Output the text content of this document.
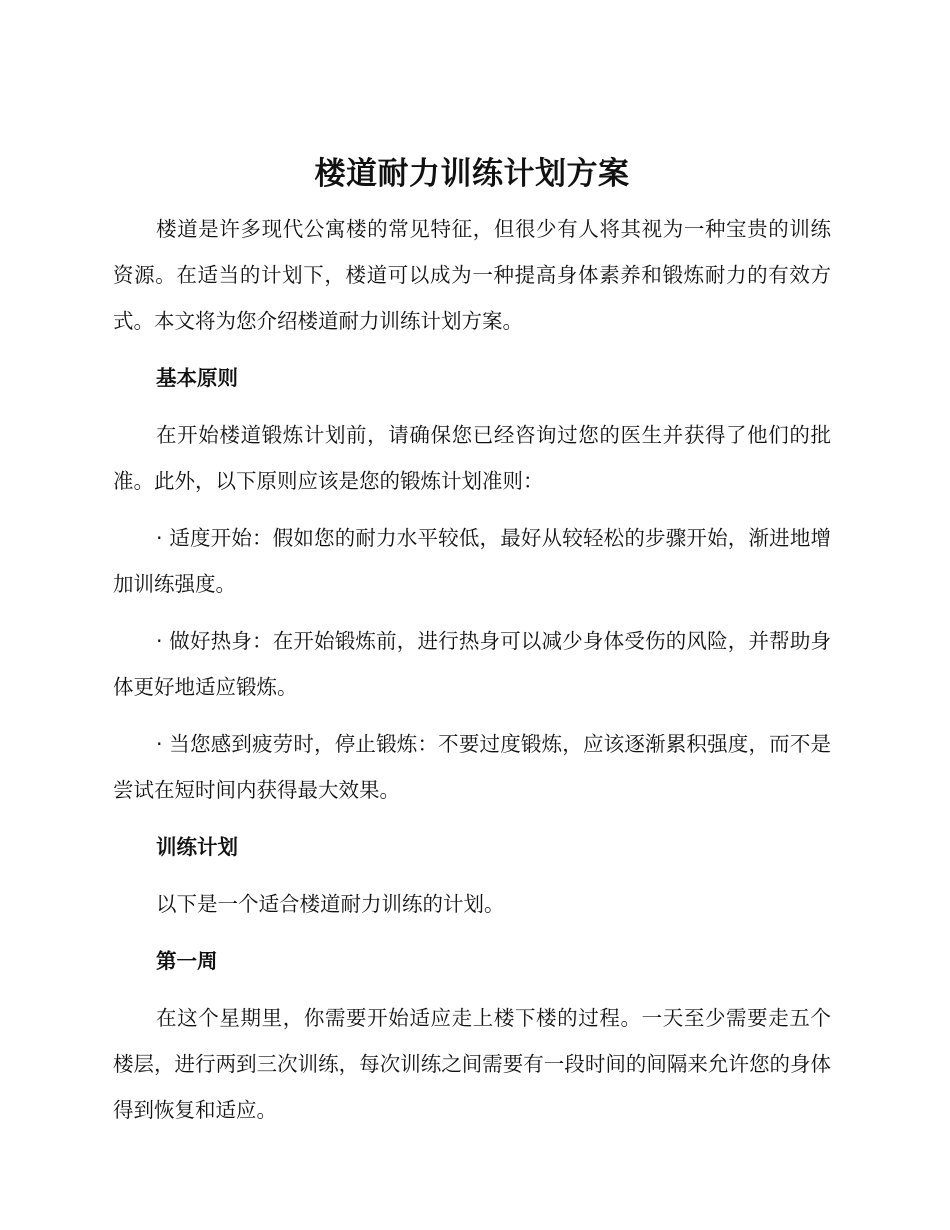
楼道耐力训练计划方案

楼道是许多现代公寓楼的常见特征，但很少有人将其视为一种宝贵的训练资源。在适当的计划下，楼道可以成为一种提高身体素养和锻炼耐力的有效方式。本文将为您介绍楼道耐力训练计划方案。

基本原则

在开始楼道锻炼计划前，请确保您已经咨询过您的医生并获得了他们的批准。此外，以下原则应该是您的锻炼计划准则：

· 适度开始：假如您的耐力水平较低，最好从较轻松的步骤开始，渐进地增加训练强度。

· 做好热身：在开始锻炼前，进行热身可以减少身体受伤的风险，并帮助身体更好地适应锻炼。

· 当您感到疲劳时，停止锻炼：不要过度锻炼，应该逐渐累积强度，而不是尝试在短时间内获得最大效果。

训练计划

以下是一个适合楼道耐力训练的计划。

第一周

在这个星期里，你需要开始适应走上楼下楼的过程。一天至少需要走五个楼层，进行两到三次训练，每次训练之间需要有一段时间的间隔来允许您的身体得到恢复和适应。
